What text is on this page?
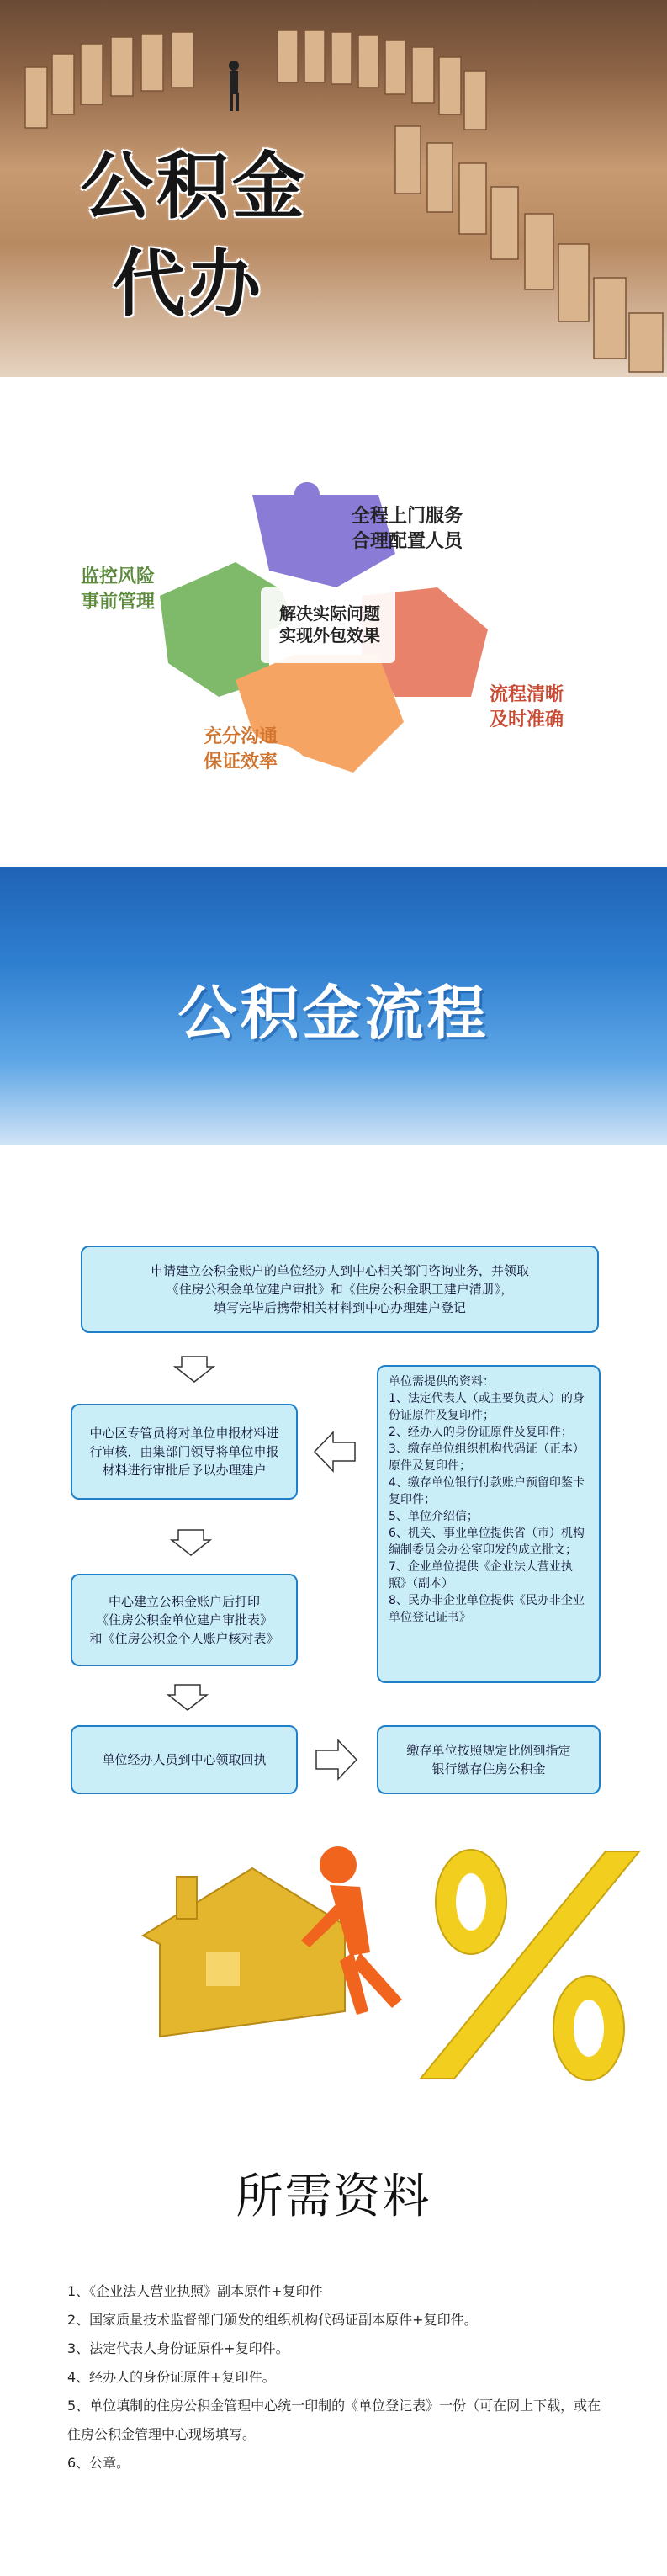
公积金
代办
解决实际问题
实现外包效果
全程上门服务
合理配置人员
监控风险
事前管理
充分沟通
保证效率
流程清晰
及时准确
公积金流程
申请建立公积金账户的单位经办人到中心相关部门咨询业务，并领取
《住房公积金单位建户审批》和《住房公积金职工建户清册》，
填写完毕后携带相关材料到中心办理建户登记
中心区专管员将对单位申报材料进
行审核，由集部门领导将单位申报
材料进行审批后予以办理建户
单位需提供的资料：
1、法定代表人（或主要负责人）的身份证原件及复印件；
2、经办人的身份证原件及复印件；
3、缴存单位组织机构代码证（正本）原件及复印件；
4、缴存单位银行付款账户预留印鉴卡复印件；
5、单位介绍信；
6、机关、事业单位提供省（市）机构编制委员会办公室印发的成立批文；
7、企业单位提供《企业法人营业执照》（副本）
8、民办非企业单位提供《民办非企业单位登记证书》
中心建立公积金账户后打印
《住房公积金单位建户审批表》
和《住房公积金个人账户核对表》
单位经办人员到中心领取回执
缴存单位按照规定比例到指定
银行缴存住房公积金
所需资料
1、《企业法人营业执照》副本原件+复印件
2、国家质量技术监督部门颁发的组织机构代码证副本原件+复印件。
3、法定代表人身份证原件+复印件。
4、经办人的身份证原件+复印件。
5、单位填制的住房公积金管理中心统一印制的《单位登记表》一份（可在网上下载，或在住房公积金管理中心现场填写。
6、公章。
